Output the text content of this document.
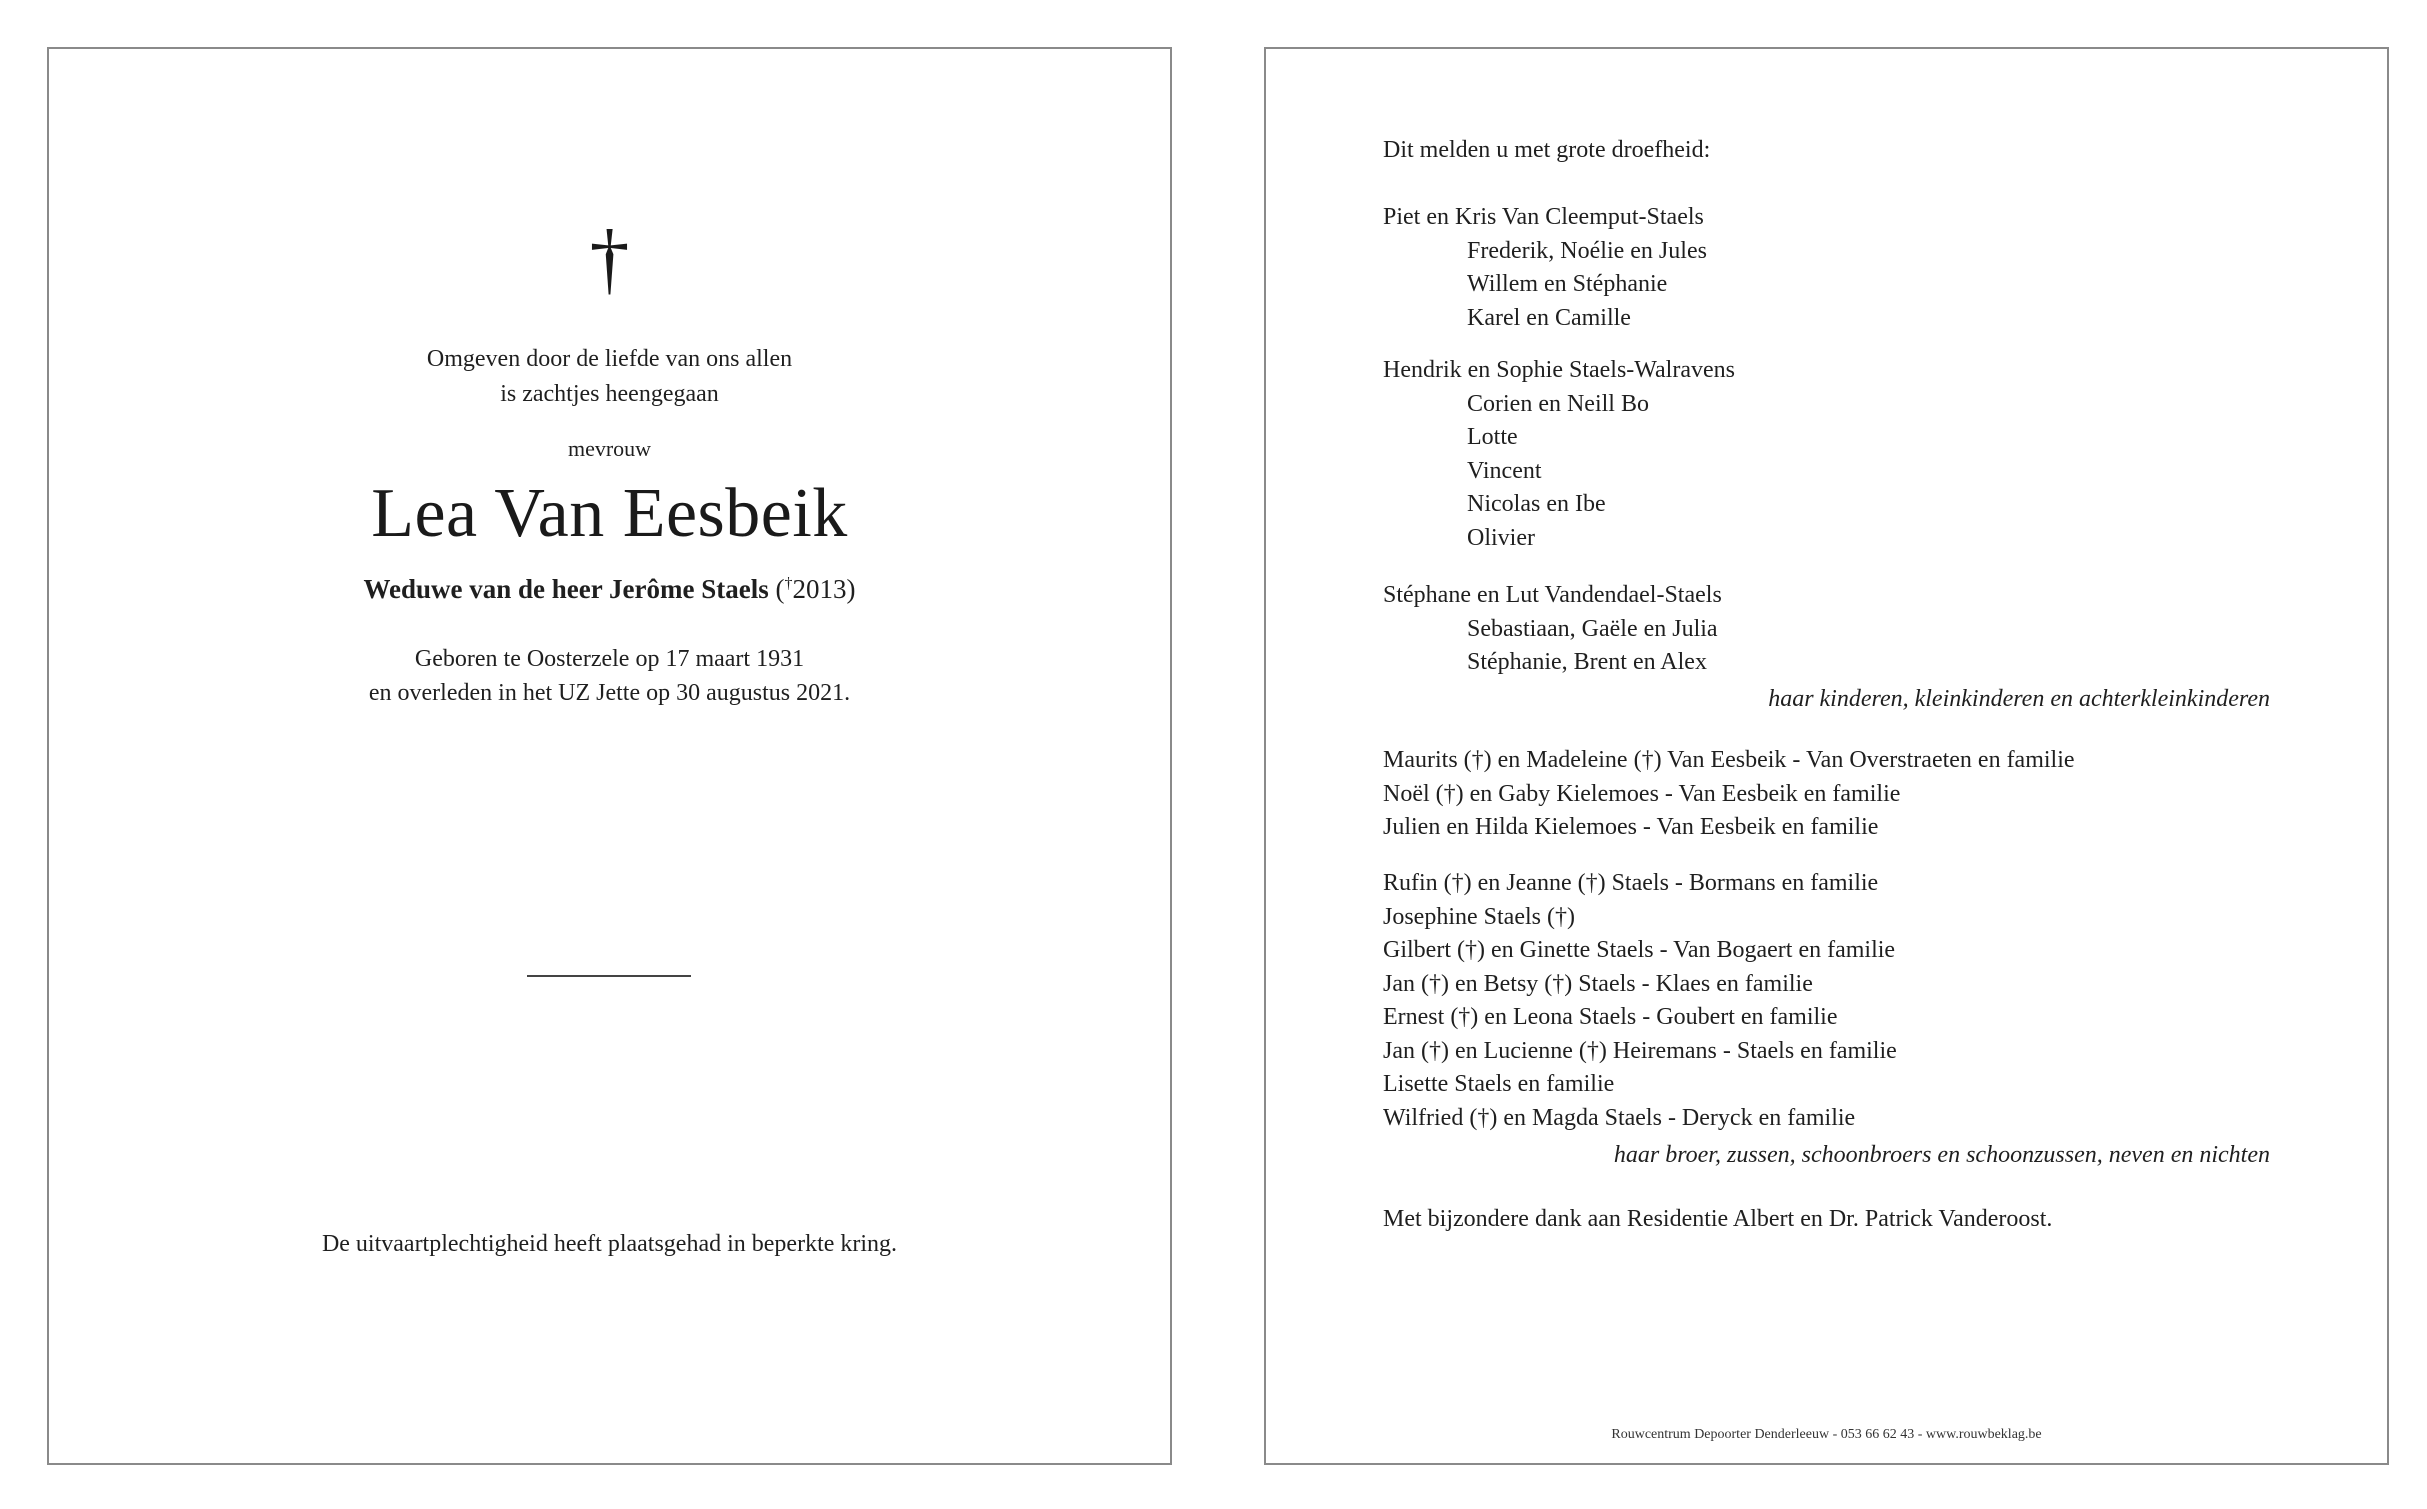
†
Omgeven door de liefde van ons allen
is zachtjes heengegaan
mevrouw
Lea Van Eesbeik
Weduwe van de heer Jerôme Staels (†2013)
Geboren te Oosterzele op 17 maart 1931
en overleden in het UZ Jette op 30 augustus 2021.
De uitvaartplechtigheid heeft plaatsgehad in beperkte kring.
Dit melden u met grote droefheid:
Piet en Kris Van Cleemput-Staels
Frederik, Noélie en Jules
Willem en Stéphanie
Karel en Camille
Hendrik en Sophie Staels-Walravens
Corien en Neill Bo
Lotte
Vincent
Nicolas en Ibe
Olivier
Stéphane en Lut Vandendael-Staels
Sebastiaan, Gaële en Julia
Stéphanie, Brent en Alex
haar kinderen, kleinkinderen en achterkleinkinderen
Maurits (†) en Madeleine (†) Van Eesbeik - Van Overstraeten en familie
Noël (†) en Gaby Kielemoes - Van Eesbeik en familie
Julien en Hilda Kielemoes - Van Eesbeik en familie
Rufin (†) en Jeanne (†) Staels - Bormans en familie
Josephine Staels (†)
Gilbert (†) en Ginette Staels - Van Bogaert en familie
Jan (†) en Betsy (†) Staels - Klaes en familie
Ernest (†) en Leona Staels - Goubert en familie
Jan (†) en Lucienne (†) Heiremans - Staels en familie
Lisette Staels en familie
Wilfried (†) en Magda Staels - Deryck en familie
haar broer, zussen, schoonbroers en schoonzussen, neven en nichten
Met bijzondere dank aan Residentie Albert en Dr. Patrick Vanderoost.
Rouwcentrum Depoorter Denderleeuw - 053 66 62 43 - www.rouwbeklag.be
